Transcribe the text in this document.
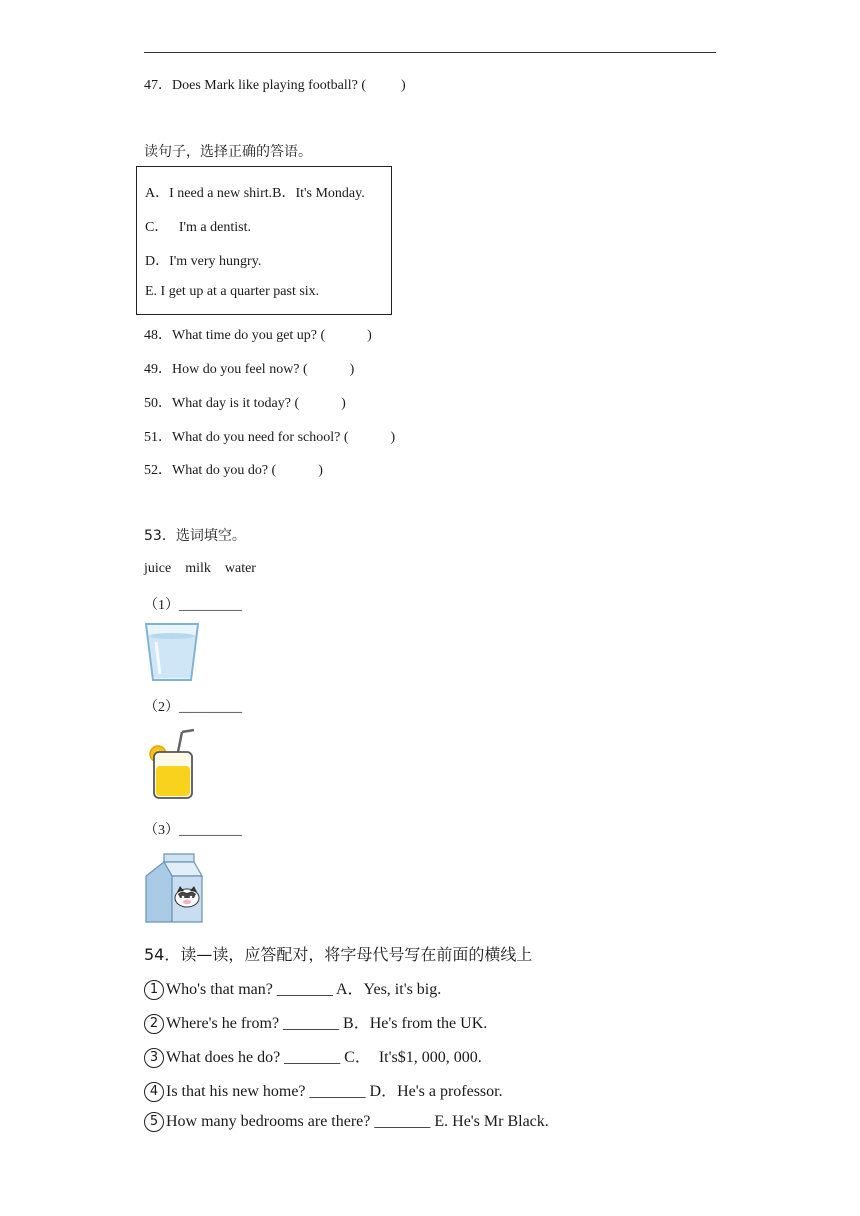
47．Does Mark like playing football? (          )
读句子，选择正确的答语。
A．I need a new shirt.B．It's Monday.
C．   I'm a dentist.
D．I'm very hungry.
E. I get up at a quarter past six.
48．What time do you get up? (            )
49．How do you feel now? (            )
50．What day is it today? (            )
51．What do you need for school? (            )
52．What do you do? (            )
53．选词填空。
juice    milk    water
（1）_________
（2）_________
（3）_________
54．读—读，应答配对，将字母代号写在前面的横线上
1 Who's that man? _______ A．Yes, it's big.
2 Where's he from? _______ B．He's from the UK.
3 What does he do? _______ C．  It's$1, 000, 000.
4 Is that his new home? _______ D．He's a professor.
5 How many bedrooms are there? _______ E. He's Mr Black.
